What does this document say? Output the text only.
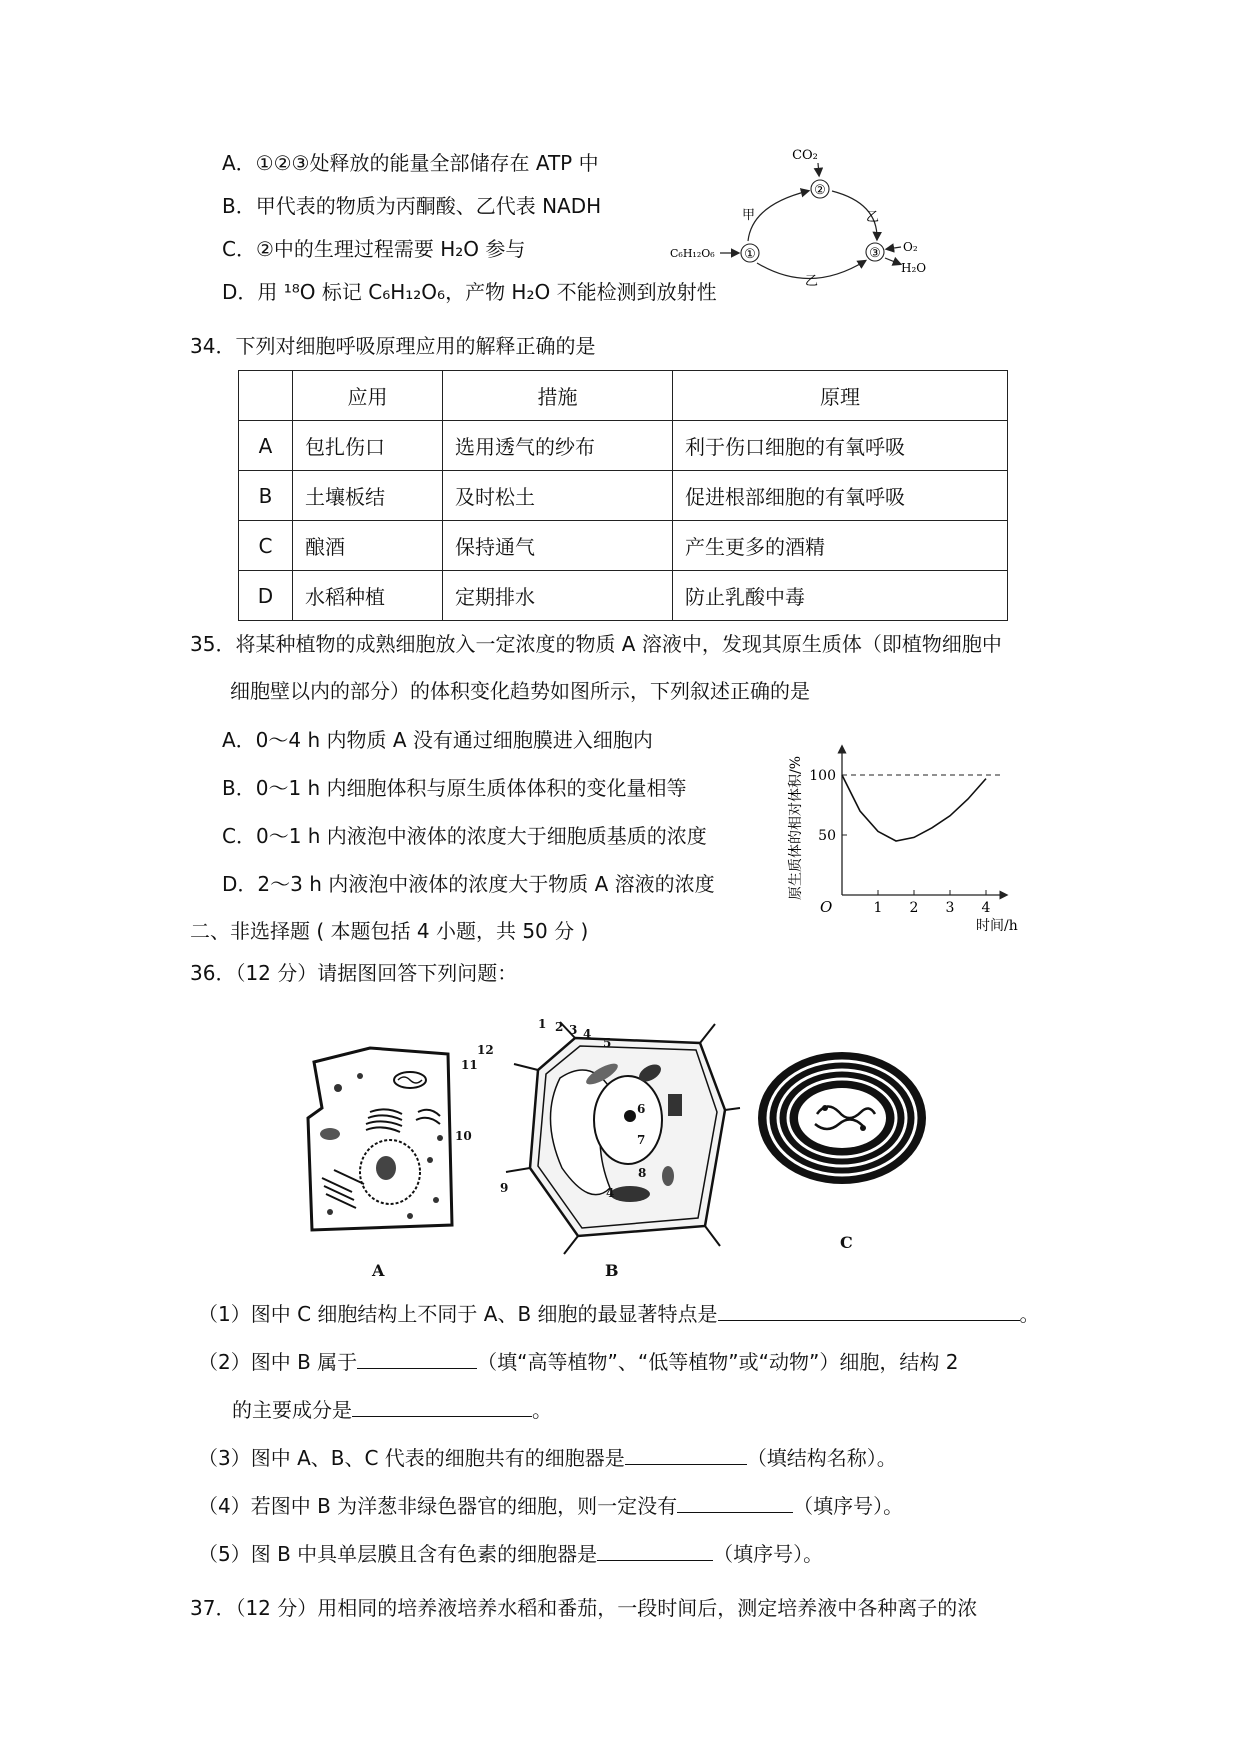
A．①②③处释放的能量全部储存在 ATP 中
B．甲代表的物质为丙酮酸、乙代表 NADH
C．②中的生理过程需要 H₂O 参与
D．用 ¹⁸O 标记 C₆H₁₂O₆，产物 H₂O 不能检测到放射性
CO₂
②
①	③
C₆H₁₂O₆
甲	乙
乙
O₂
H₂O
34．下列对细胞呼吸原理应用的解释正确的是
	应用	措施	原理
A	包扎伤口	选用透气的纱布	利于伤口细胞的有氧呼吸
B	土壤板结	及时松土	促进根部细胞的有氧呼吸
C	酿酒	保持通气	产生更多的酒精
D	水稻种植	定期排水	防止乳酸中毒
35．将某种植物的成熟细胞放入一定浓度的物质 A 溶液中，发现其原生质体（即植物细胞中
细胞壁以内的部分）的体积变化趋势如图所示，下列叙述正确的是
A．0～4 h 内物质 A 没有通过细胞膜进入细胞内
B．0～1 h 内细胞体积与原生质体体积的变化量相等
C．0～1 h 内液泡中液体的浓度大于细胞质基质的浓度
D．2～3 h 内液泡中液体的浓度大于物质 A 溶液的浓度	原生质体的相对体积/%
O	1 2 3 4
50
100
时间/h
二、非选择题 ( 本题包括 4 小题，共 50 分 )
36．（12 分）请据图回答下列问题：
A
1 2 3 4
5
6
7
8
4
9
10
11
12
B
C
（1）图中 C 细胞结构上不同于 A、B 细胞的最显著特点是	。
（2）图中 B 属于	（填“高等植物”、“低等植物”或“动物”）细胞，结构 2
的主要成分是	。
（3）图中 A、B、C 代表的细胞共有的细胞器是	（填结构名称）。
（4）若图中 B 为洋葱非绿色器官的细胞，则一定没有	（填序号）。
（5）图 B 中具单层膜且含有色素的细胞器是	（填序号）。
37．（12 分）用相同的培养液培养水稻和番茄，一段时间后，测定培养液中各种离子的浓
